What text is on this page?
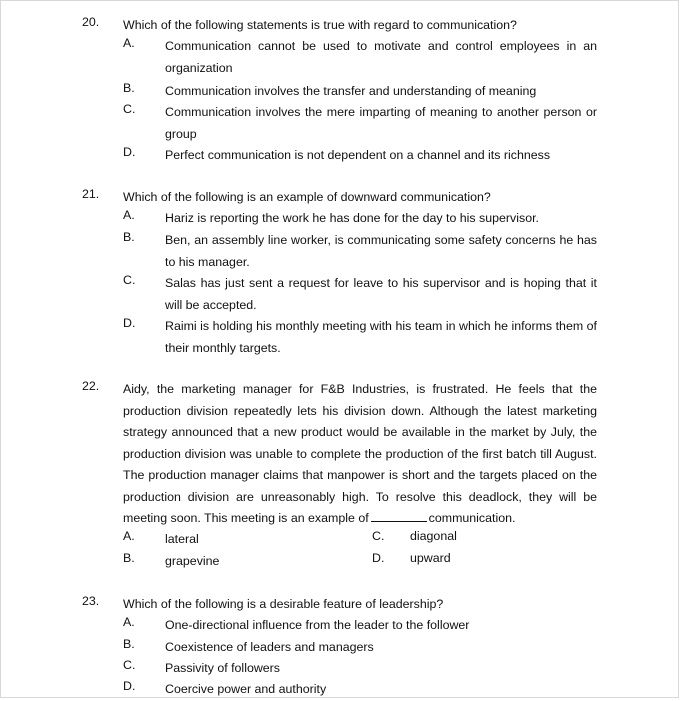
20. Which of the following statements is true with regard to communication?
A. Communication cannot be used to motivate and control employees in an organization
B. Communication involves the transfer and understanding of meaning
C. Communication involves the mere imparting of meaning to another person or group
D. Perfect communication is not dependent on a channel and its richness
21. Which of the following is an example of downward communication?
A. Hariz is reporting the work he has done for the day to his supervisor.
B. Ben, an assembly line worker, is communicating some safety concerns he has to his manager.
C. Salas has just sent a request for leave to his supervisor and is hoping that it will be accepted.
D. Raimi is holding his monthly meeting with his team in which he informs them of their monthly targets.
22. Aidy, the marketing manager for F&B Industries, is frustrated. He feels that the production division repeatedly lets his division down. Although the latest marketing strategy announced that a new product would be available in the market by July, the production division was unable to complete the production of the first batch till August. The production manager claims that manpower is short and the targets placed on the production division are unreasonably high. To resolve this deadlock, they will be meeting soon. This meeting is an example of	communication.
A. lateral	C. diagonal
B. grapevine	D. upward
23. Which of the following is a desirable feature of leadership?
A. One-directional influence from the leader to the follower
B. Coexistence of leaders and managers
C. Passivity of followers
D. Coercive power and authority
